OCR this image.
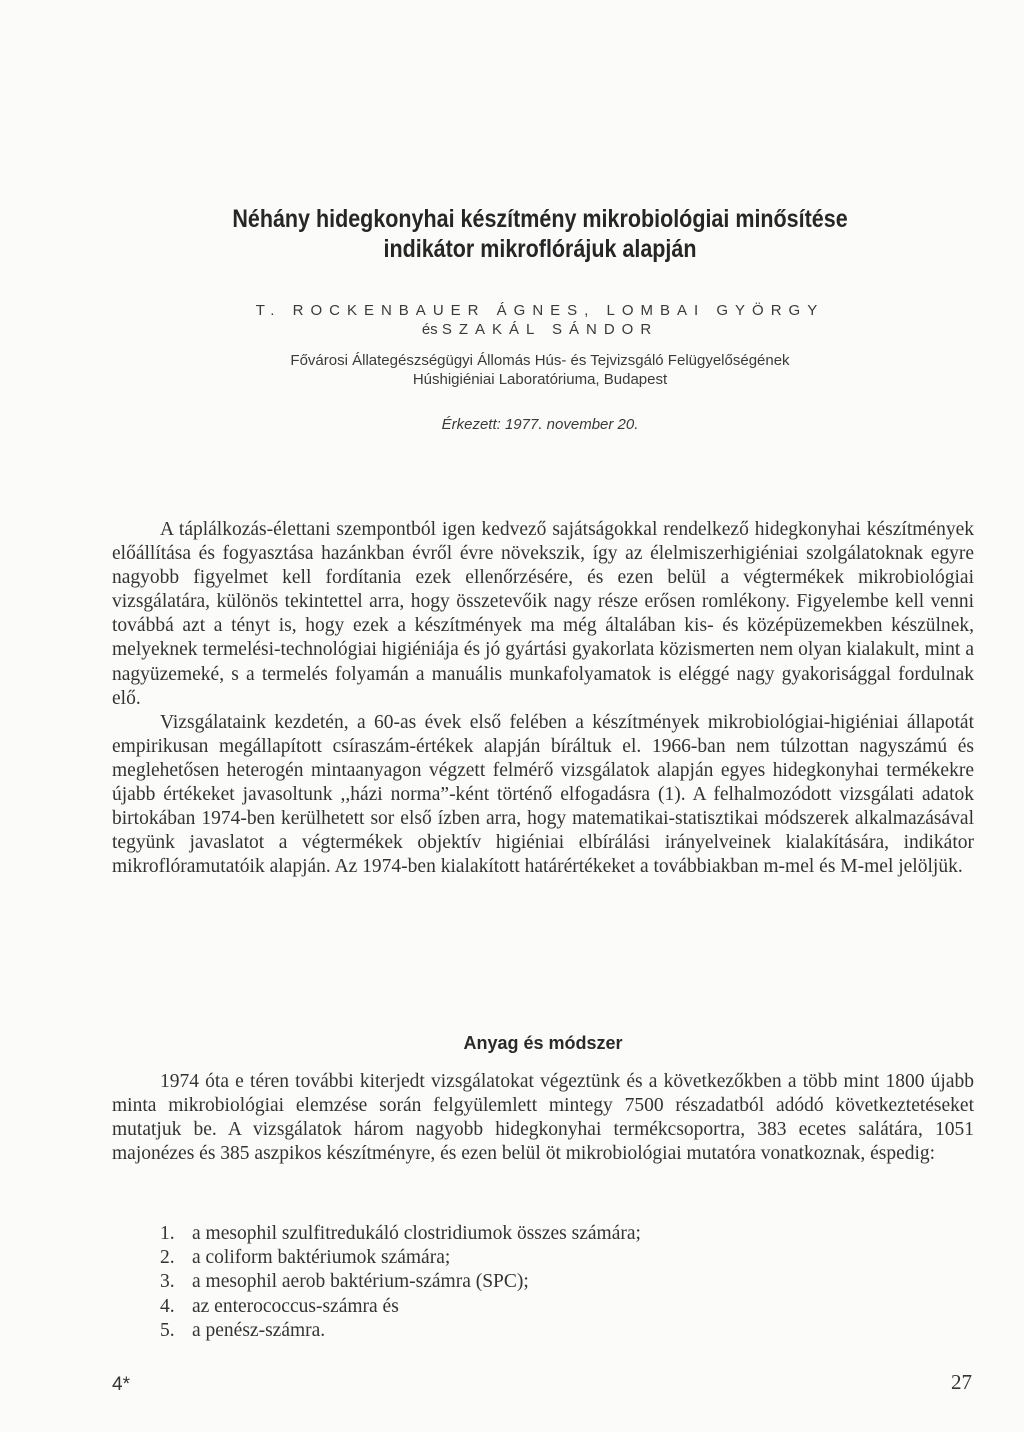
Néhány hidegkonyhai készítmény mikrobiológiai minősítése
indikátor mikroflórájuk alapján
T. ROCKENBAUER ÁGNES, LOMBAI GYÖRGY
és SZAKÁL SÁNDOR
Fővárosi Állategészségügyi Állomás Hús- és Tejvizsgáló Felügyelőségének
Húshigiéniai Laboratóriuma, Budapest
Érkezett: 1977. november 20.

A táplálkozás-élettani szempontból igen kedvező sajátságokkal rendelkező hidegkonyhai készítmények előállítása és fogyasztása hazánkban évről évre növekszik, így az élelmiszerhigiéniai szolgálatoknak egyre nagyobb figyelmet kell fordítania ezek ellenőrzésére, és ezen belül a végtermékek mikrobiológiai vizsgálatára, különös tekintettel arra, hogy összetevőik nagy része erősen romlékony. Figyelembe kell venni továbbá azt a tényt is, hogy ezek a készítmények ma még általában kis- és középüzemekben készülnek, melyeknek termelési-technológiai higiéniája és jó gyártási gyakorlata közismerten nem olyan kialakult, mint a nagyüzemeké, s a termelés folyamán a manuális munkafolyamatok is eléggé nagy gyakorisággal fordulnak elő.

Vizsgálataink kezdetén, a 60-as évek első felében a készítmények mikrobiológiai-higiéniai állapotát empirikusan megállapított csíraszám-értékek alapján bíráltuk el. 1966-ban nem túlzottan nagyszámú és meglehetősen heterogén mintaanyagon végzett felmérő vizsgálatok alapján egyes hidegkonyhai termékekre újabb értékeket javasoltunk ,,házi norma”-ként történő elfogadásra (1). A felhalmozódott vizsgálati adatok birtokában 1974-ben kerülhetett sor első ízben arra, hogy matematikai-statisztikai módszerek alkalmazásával tegyünk javaslatot a végtermékek objektív higiéniai elbírálási irányelveinek kialakítására, indikátor mikroflóramutatóik alapján. Az 1974-ben kialakított határértékeket a továbbiakban m-mel és M-mel jelöljük.

Anyag és módszer

1974 óta e téren további kiterjedt vizsgálatokat végeztünk és a következőkben a több mint 1800 újabb minta mikrobiológiai elemzése során felgyülemlett mintegy 7500 részadatból adódó következtetéseket mutatjuk be. A vizsgálatok három nagyobb hidegkonyhai termékcsoportra, 383 ecetes salátára, 1051 majonézes és 385 aszpikos készítményre, és ezen belül öt mikrobiológiai mutatóra vonatkoznak, éspedig:

1. a mesophil szulfitredukáló clostridiumok összes számára;
2. a coliform baktériumok számára;
3. a mesophil aerob baktérium-számra (SPC);
4. az enterococcus-számra és
5. a penész-számra.
4*	27
